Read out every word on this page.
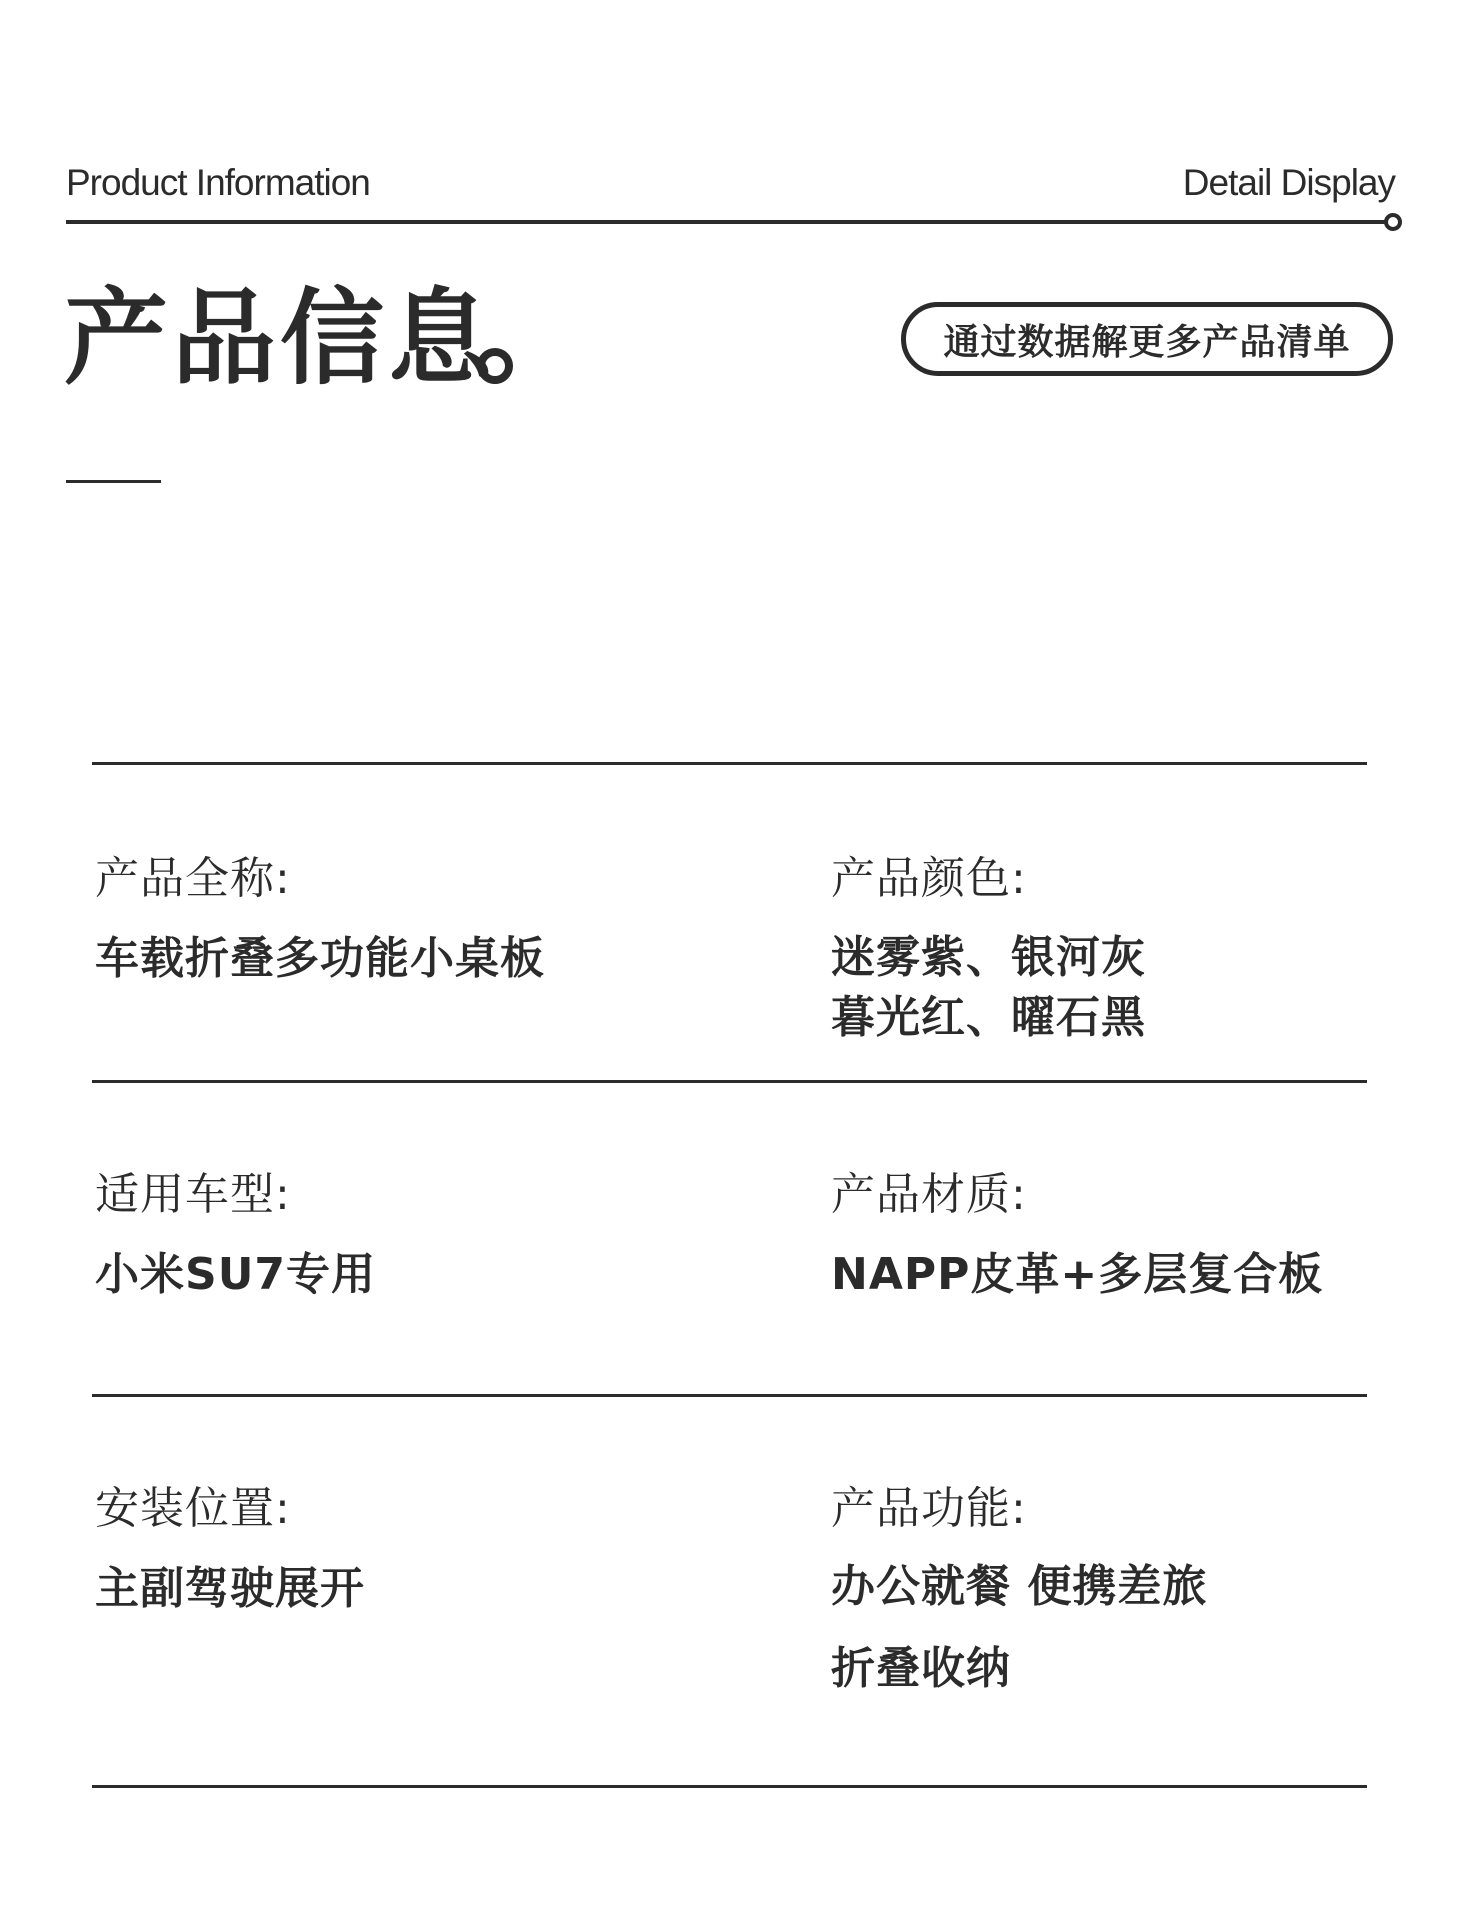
Product Information	Detail Display
产品信息	通过数据解更多产品清单
产品全称:
车载折叠多功能小桌板
产品颜色:
迷雾紫、银河灰
暮光红、曜石黑
适用车型:
小米SU7专用
产品材质:
NAPP皮革+多层复合板
安装位置:
主副驾驶展开
产品功能:
办公就餐 便携差旅
折叠收纳
